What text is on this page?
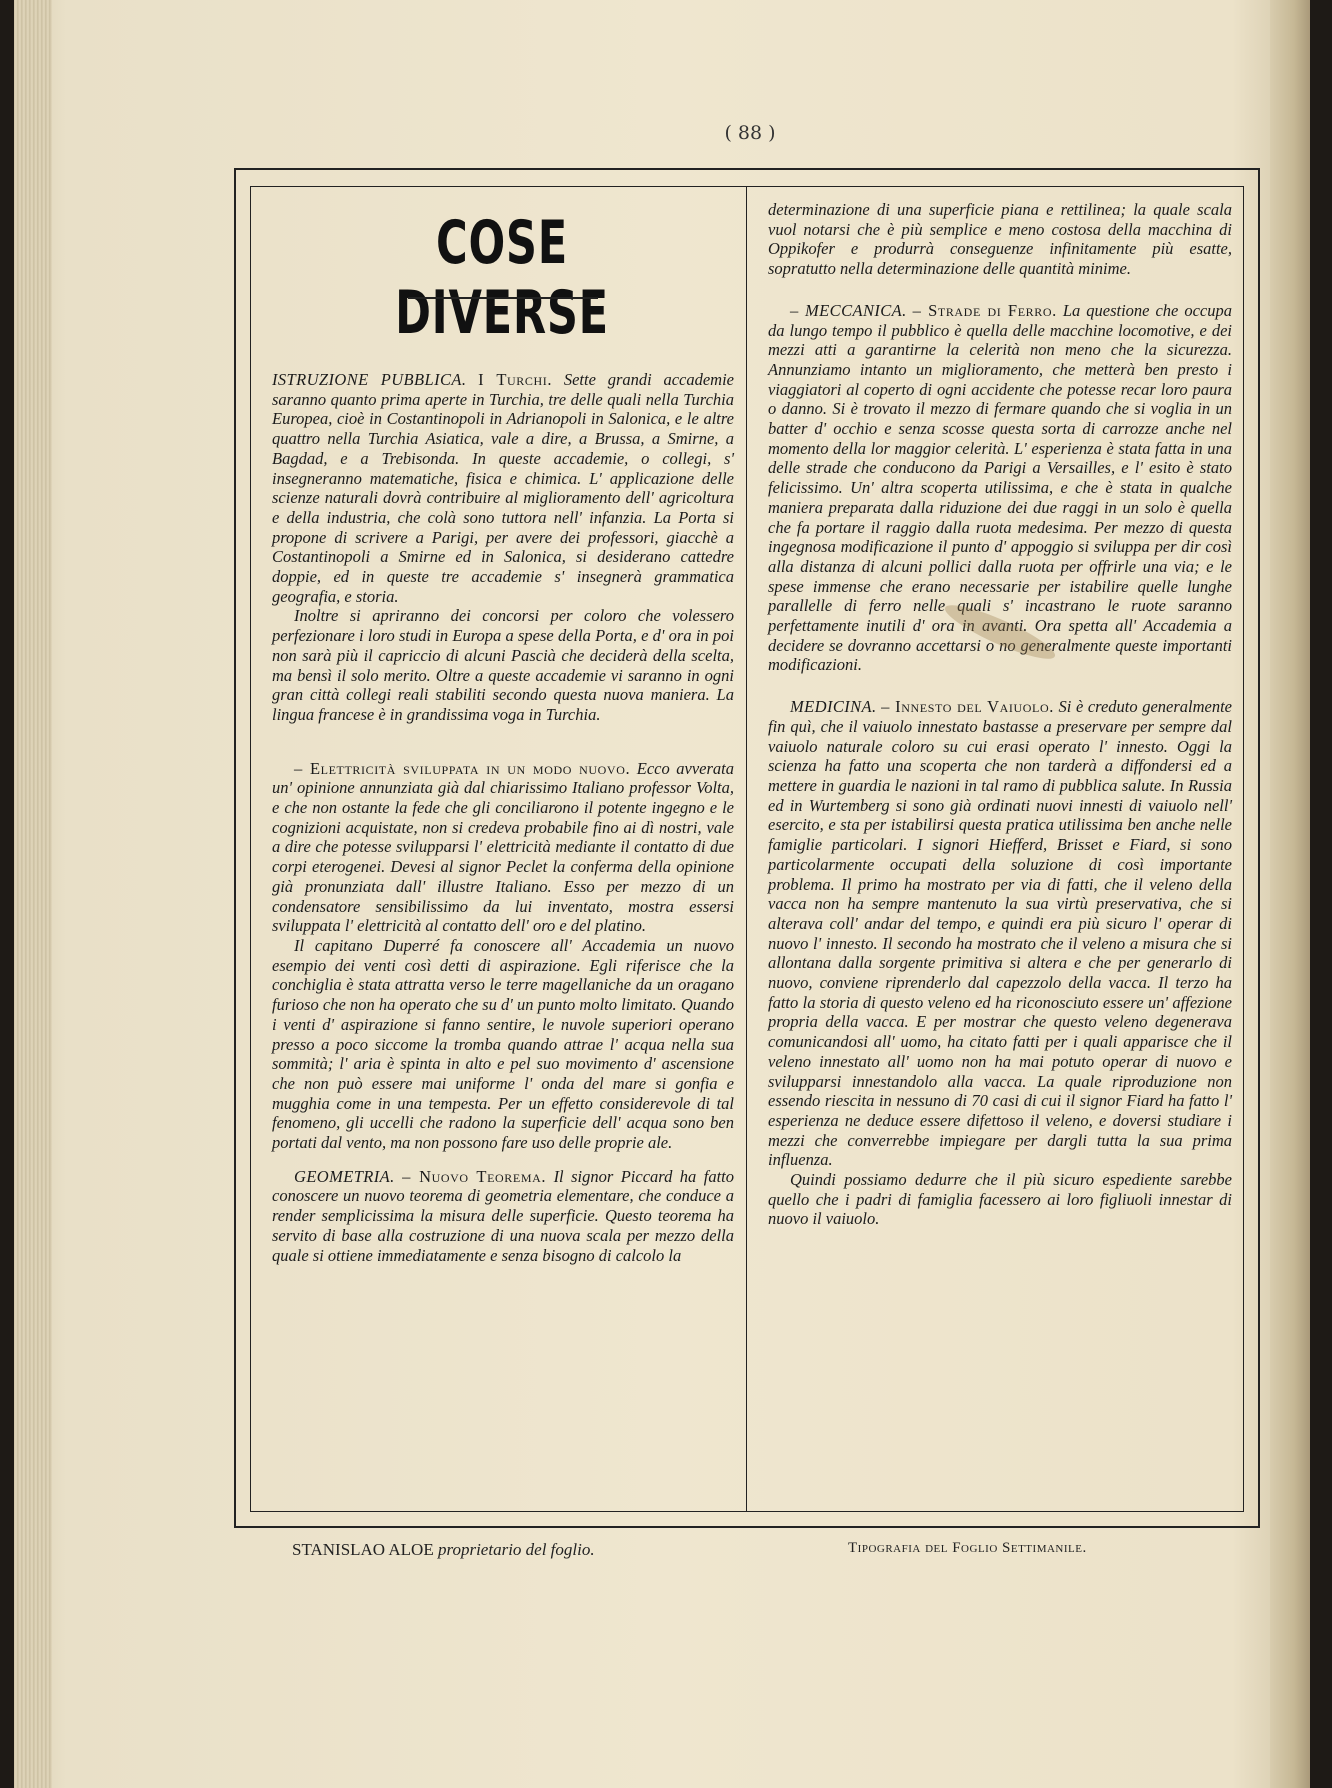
( 88 )
COSE DIVERSE

ISTRUZIONE PUBBLICA. I Turchi. Sette grandi accademie saranno quanto prima aperte in Turchia, tre delle quali nella Turchia Europea, cioè in Costantinopoli in Adrianopoli in Salonica, e le altre quattro nella Turchia Asiatica, vale a dire, a Brussa, a Smirne, a Bagdad, e a Trebisonda. In queste accademie, o collegi, s' insegneranno matematiche, fisica e chimica. L' applicazione delle scienze naturali dovrà contribuire al miglioramento dell' agricoltura e della industria, che colà sono tuttora nell' infanzia. La Porta si propone di scrivere a Parigi, per avere dei professori, giacchè a Costantinopoli a Smirne ed in Salonica, si desiderano cattedre doppie, ed in queste tre accademie s' insegnerà grammatica geografia, e storia.

Inoltre si apriranno dei concorsi per coloro che volessero perfezionare i loro studi in Europa a spese della Porta, e d' ora in poi non sarà più il capriccio di alcuni Pascià che deciderà della scelta, ma bensì il solo merito. Oltre a queste accademie vi saranno in ogni gran città collegi reali stabiliti secondo questa nuova maniera. La lingua francese è in grandissima voga in Turchia.

– Elettricità sviluppata in un modo nuovo. Ecco avverata un' opinione annunziata già dal chiarissimo Italiano professor Volta, e che non ostante la fede che gli conciliarono il potente ingegno e le cognizioni acquistate, non si credeva probabile fino ai dì nostri, vale a dire che potesse svilupparsi l' elettricità mediante il contatto di due corpi eterogenei. Devesi al signor Peclet la conferma della opinione già pronunziata dall' illustre Italiano. Esso per mezzo di un condensatore sensibilissimo da lui inventato, mostra essersi sviluppata l' elettricità al contatto dell' oro e del platino.

Il capitano Duperré fa conoscere all' Accademia un nuovo esempio dei venti così detti di aspirazione. Egli riferisce che la conchiglia è stata attratta verso le terre magellaniche da un oragano furioso che non ha operato che su d' un punto molto limitato. Quando i venti d' aspirazione si fanno sentire, le nuvole superiori operano presso a poco siccome la tromba quando attrae l' acqua nella sua sommità; l' aria è spinta in alto e pel suo movimento d' ascensione che non può essere mai uniforme l' onda del mare si gonfia e mugghia come in una tempesta. Per un effetto considerevole di tal fenomeno, gli uccelli che radono la superficie dell' acqua sono ben portati dal vento, ma non possono fare uso delle proprie ale.

GEOMETRIA. – Nuovo Teorema. Il signor Piccard ha fatto conoscere un nuovo teorema di geometria elementare, che conduce a render semplicissima la misura delle superficie. Questo teorema ha servito di base alla costruzione di una nuova scala per mezzo della quale si ottiene immediatamente e senza bisogno di calcolo la

determinazione di una superficie piana e rettilinea; la quale scala vuol notarsi che è più semplice e meno costosa della macchina di Oppikofer e produrrà conseguenze infinitamente più esatte, sopratutto nella determinazione delle quantità minime.

– MECCANICA. – Strade di Ferro. La questione che occupa da lungo tempo il pubblico è quella delle macchine locomotive, e dei mezzi atti a garantirne la celerità non meno che la sicurezza. Annunziamo intanto un miglioramento, che metterà ben presto i viaggiatori al coperto di ogni accidente che potesse recar loro paura o danno. Si è trovato il mezzo di fermare quando che si voglia in un batter d' occhio e senza scosse questa sorta di carrozze anche nel momento della lor maggior celerità. L' esperienza è stata fatta in una delle strade che conducono da Parigi a Versailles, e l' esito è stato felicissimo. Un' altra scoperta utilissima, e che è stata in qualche maniera preparata dalla riduzione dei due raggi in un solo è quella che fa portare il raggio dalla ruota medesima. Per mezzo di questa ingegnosa modificazione il punto d' appoggio si sviluppa per dir così alla distanza di alcuni pollici dalla ruota per offrirle una via; e le spese immense che erano necessarie per istabilire quelle lunghe parallelle di ferro nelle quali s' incastrano le ruote saranno perfettamente inutili d' ora in avanti. Ora spetta all' Accademia a decidere se dovranno accettarsi o no generalmente queste importanti modificazioni.

MEDICINA. – Innesto del Vaiuolo. Si è creduto generalmente fin quì, che il vaiuolo innestato bastasse a preservare per sempre dal vaiuolo naturale coloro su cui erasi operato l' innesto. Oggi la scienza ha fatto una scoperta che non tarderà a diffondersi ed a mettere in guardia le nazioni in tal ramo di pubblica salute. In Russia ed in Wurtemberg si sono già ordinati nuovi innesti di vaiuolo nell' esercito, e sta per istabilirsi questa pratica utilissima ben anche nelle famiglie particolari. I signori Hiefferd, Brisset e Fiard, si sono particolarmente occupati della soluzione di così importante problema. Il primo ha mostrato per via di fatti, che il veleno della vacca non ha sempre mantenuto la sua virtù preservativa, che si alterava coll' andar del tempo, e quindi era più sicuro l' operar di nuovo l' innesto. Il secondo ha mostrato che il veleno a misura che si allontana dalla sorgente primitiva si altera e che per generarlo di nuovo, conviene riprenderlo dal capezzolo della vacca. Il terzo ha fatto la storia di questo veleno ed ha riconosciuto essere un' affezione propria della vacca. E per mostrar che questo veleno degenerava comunicandosi all' uomo, ha citato fatti per i quali apparisce che il veleno innestato all' uomo non ha mai potuto operar di nuovo e svilupparsi innestandolo alla vacca. La quale riproduzione non essendo riescita in nessuno di 70 casi di cui il signor Fiard ha fatto l' esperienza ne deduce essere difettoso il veleno, e doversi studiare i mezzi che converrebbe impiegare per dargli tutta la sua prima influenza.

Quindi possiamo dedurre che il più sicuro espediente sarebbe quello che i padri di famiglia facessero ai loro figliuoli innestar di nuovo il vaiuolo.

STANISLAO ALOE proprietario del foglio.	Tipografia del Foglio Settimanile.
